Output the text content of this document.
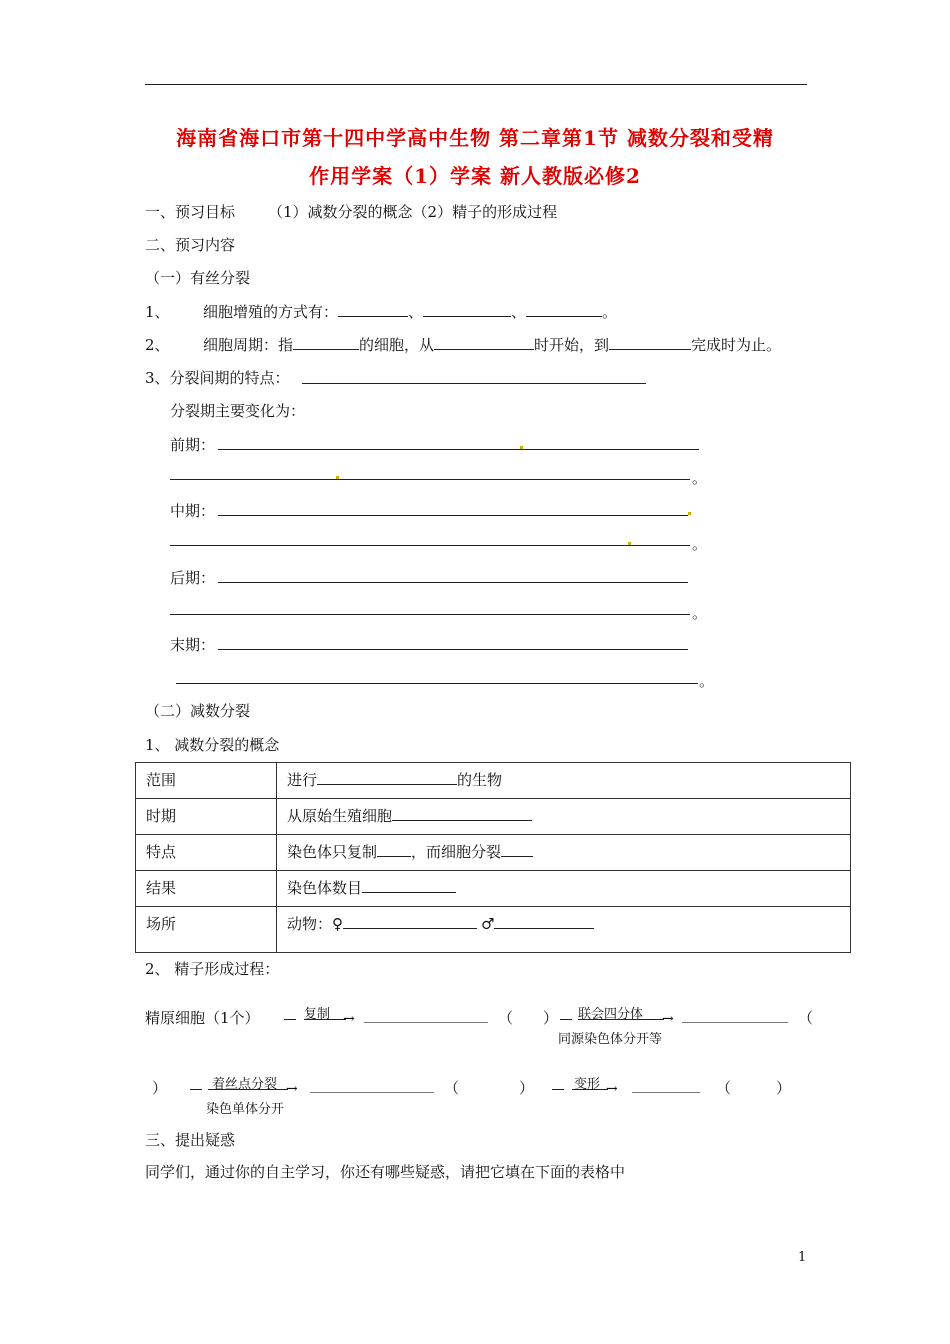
海南省海口市第十四中学高中生物 第二章第1节 减数分裂和受精
作用学案（1）学案 新人教版必修2
一、预习目标 （1）减数分裂的概念（2）精子的形成过程
二、预习内容
（一）有丝分裂
1、 细胞增殖的方式有：	、	、	。
2、 细胞周期：指	的细胞，从	时开始，到	完成时为止。
3、分裂间期的特点：
分裂期主要变化为：
前期：
。
中期：
。
后期：
。
末期：
。
（二）减数分裂
1、 减数分裂的概念
范围	进行 的生物
时期	从原始生殖细胞
特点	染色体只复制 ，而细胞分裂
结果	染色体数目
场所	动物：♀ ♂
2、 精子形成过程：
精原细胞（1个）	复制 →	（　　） 联会四分体 →
同源染色体分开等
（
）	着丝点分裂 →
染色单体分开
（　　　　）	变形 →	（　　　）
三、提出疑惑
同学们，通过你的自主学习，你还有哪些疑惑，请把它填在下面的表格中
1
